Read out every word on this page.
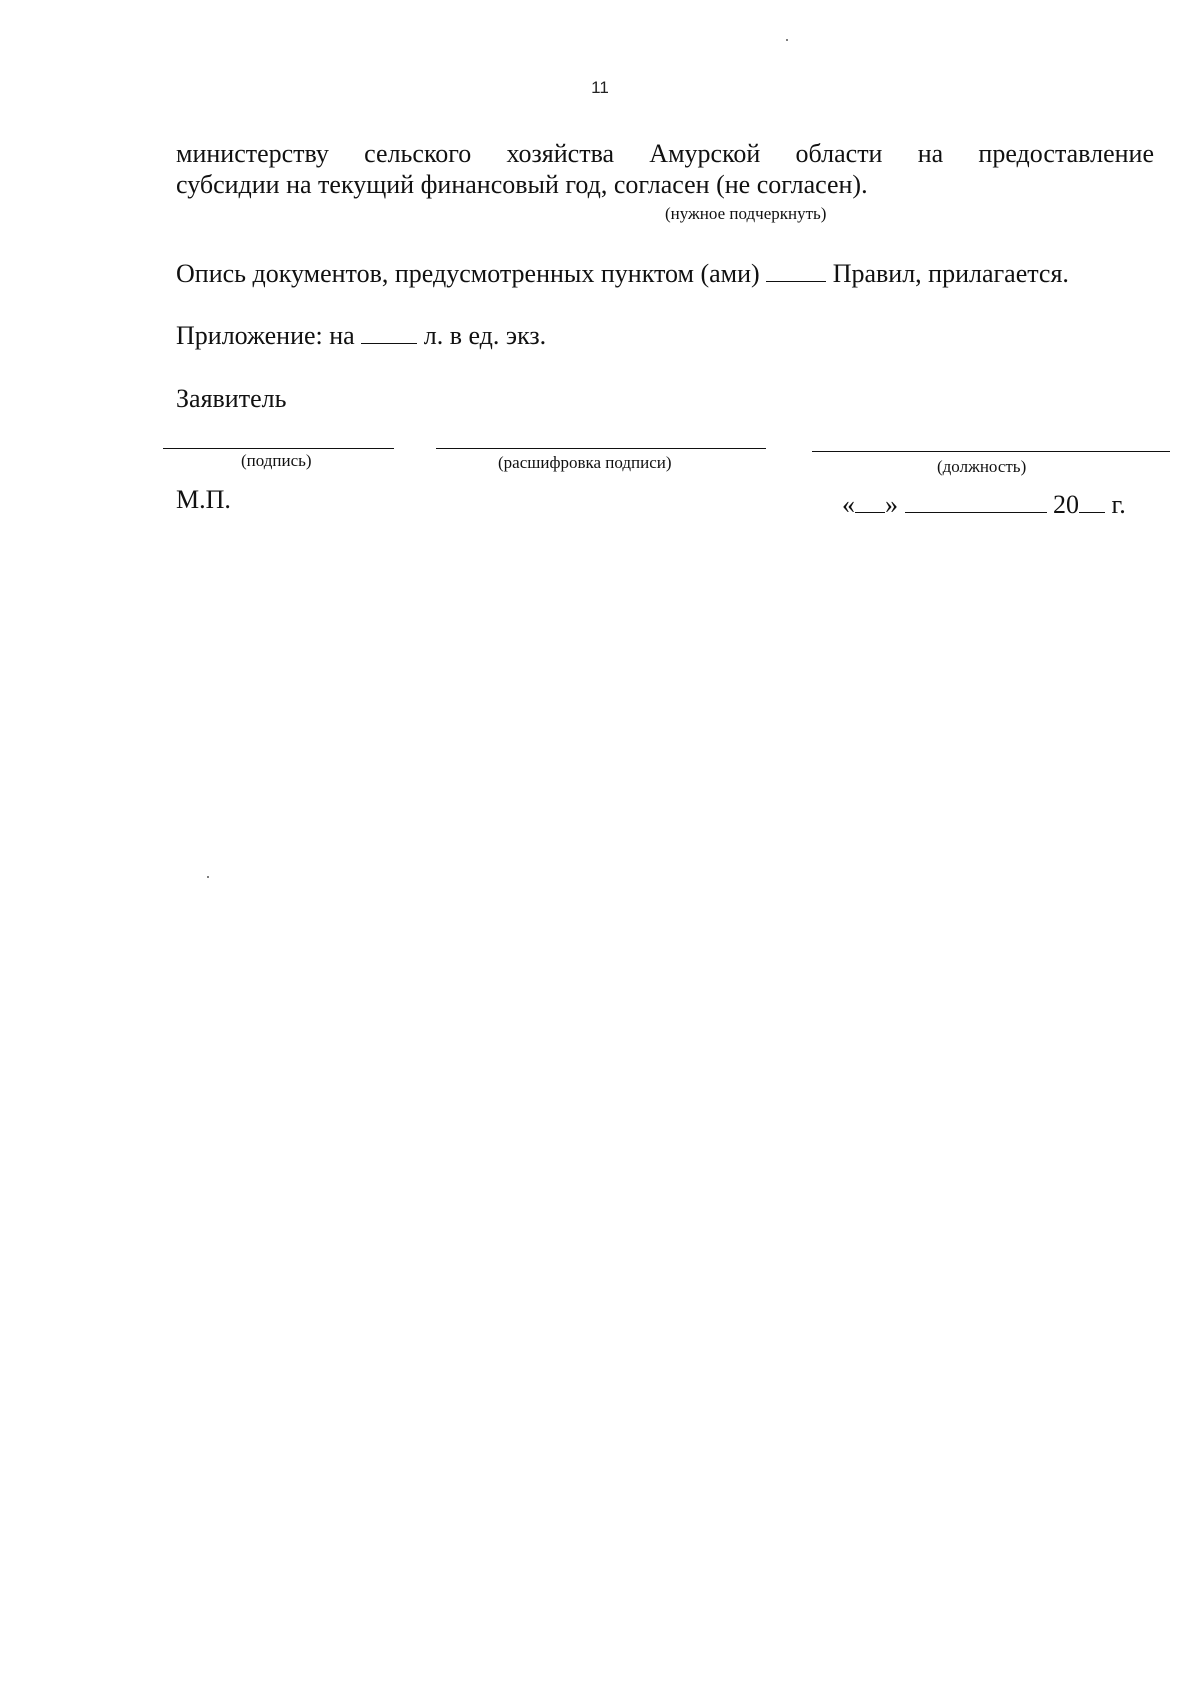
11
министерству сельского хозяйства Амурской области на предоставление
субсидии на текущий финансовый год, согласен (не согласен).
(нужное подчеркнуть)
Опись документов, предусмотренных пунктом (ами)	Правил, прилагается.
Приложение: на	л. в ед. экз.
Заявитель
(подпись)	(расшифровка подписи)	(должность)
М.П.	« »	20 г.
